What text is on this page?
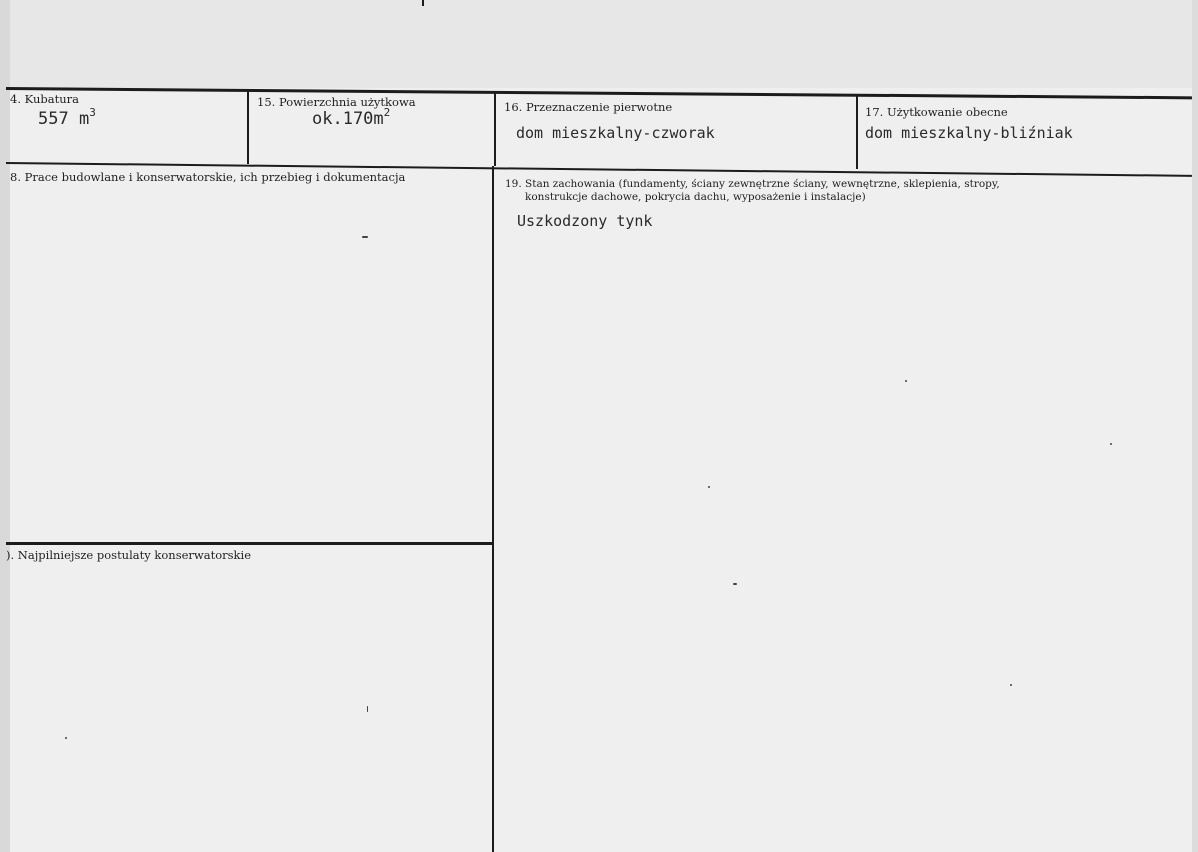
4. Kubatura
557 $m^3$
15. Powierzchnia użytkowa
$ok.170m^2$	16. Przeznaczenie pierwotne
dom mieszkalny-czworak
17. Użytkowanie obecne
dom mieszkalny-bliźniak
8. Prace budowlane i konserwatorskie, ich przebieg i dokumentacja	19. Stan zachowania (fundamenty, ściany zewnętrzne ściany, wewnętrzne, sklepienia, stropy,
konstrukcje dachowe, pokrycia dachu, wyposażenie i instalacje)
Uszkodzony tynk
). Najpilniejsze postulaty konserwatorskie
